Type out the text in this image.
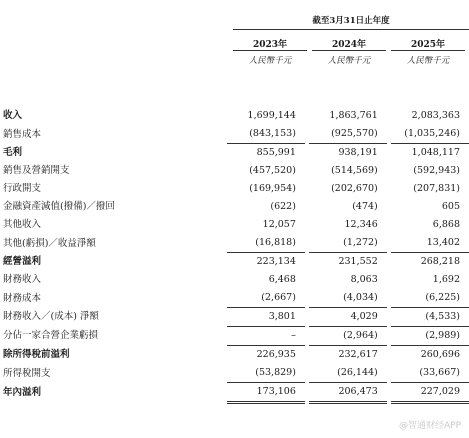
截至3月31日止年度
2023年	2024年	2025年
人民幣千元	人民幣千元	人民幣千元
收入	1,699,144		1,863,761		2,083,363
銷售成本	(843,153)		(925,570)		(1,035,246)
毛利	855,991		938,191		1,048,117
銷售及營銷開支	(457,520)		(514,569)		(592,943)
行政開支	(169,954)		(202,670)		(207,831)
金融資產減值(撥備)／撥回	(622)		(474)		605
其他收入	12,057		12,346		6,868
其他(虧損)／收益淨額	(16,818)		(1,272)		13,402
經營溢利	223,134		231,552		268,218
財務收入	6,468		8,063		1,692
財務成本	(2,667)		(4,034)		(6,225)
財務收入／(成本) 淨額	3,801		4,029		(4,533)
分佔一家合營企業虧損	–		(2,964)		(2,989)
除所得稅前溢利	226,935		232,617		260,696
所得稅開支	(53,829)		(26,144)		(33,667)
年內溢利	173,106		206,473		227,029
@智通财经APP
